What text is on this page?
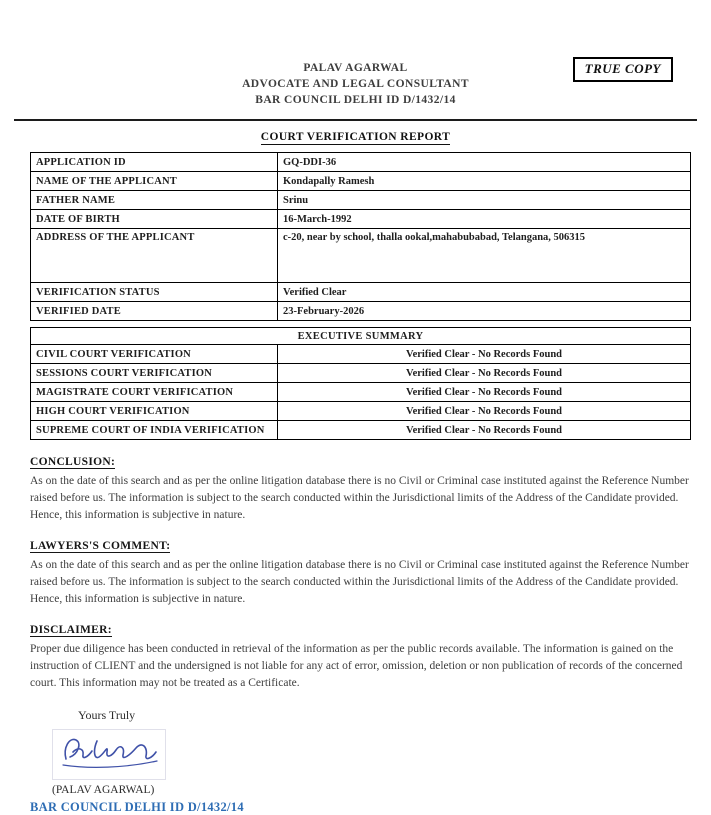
TRUE COPY
PALAV AGARWAL
ADVOCATE AND LEGAL CONSULTANT
BAR COUNCIL DELHI ID D/1432/14
COURT VERIFICATION REPORT
APPLICATION ID	GQ-DDI-36
NAME OF THE APPLICANT	Kondapally Ramesh
FATHER NAME	Srinu
DATE OF BIRTH	16-March-1992
ADDRESS OF THE APPLICANT	c-20, near by school, thalla ookal,mahabubabad, Telangana, 506315
VERIFICATION STATUS	Verified Clear
VERIFIED DATE	23-February-2026
EXECUTIVE SUMMARY	
CIVIL COURT VERIFICATION	Verified Clear - No Records Found
SESSIONS COURT VERIFICATION	Verified Clear - No Records Found
MAGISTRATE COURT VERIFICATION	Verified Clear - No Records Found
HIGH COURT VERIFICATION	Verified Clear - No Records Found
SUPREME COURT OF INDIA VERIFICATION	Verified Clear - No Records Found
CONCLUSION:
As on the date of this search and as per the online litigation database there is no Civil or Criminal case instituted against the Reference Number raised before us. The information is subject to the search conducted within the Jurisdictional limits of the Address of the Candidate provided. Hence, this information is subjective in nature.
LAWYERS'S COMMENT:
As on the date of this search and as per the online litigation database there is no Civil or Criminal case instituted against the Reference Number raised before us. The information is subject to the search conducted within the Jurisdictional limits of the Address of the Candidate provided. Hence, this information is subjective in nature.
DISCLAIMER:
Proper due diligence has been conducted in retrieval of the information as per the public records available. The information is gained on the instruction of CLIENT and the undersigned is not liable for any act of error, omission, deletion or non publication of records of the concerned court. This information may not be treated as a Certificate.
Yours Truly
(PALAV AGARWAL)
BAR COUNCIL DELHI ID D/1432/14
